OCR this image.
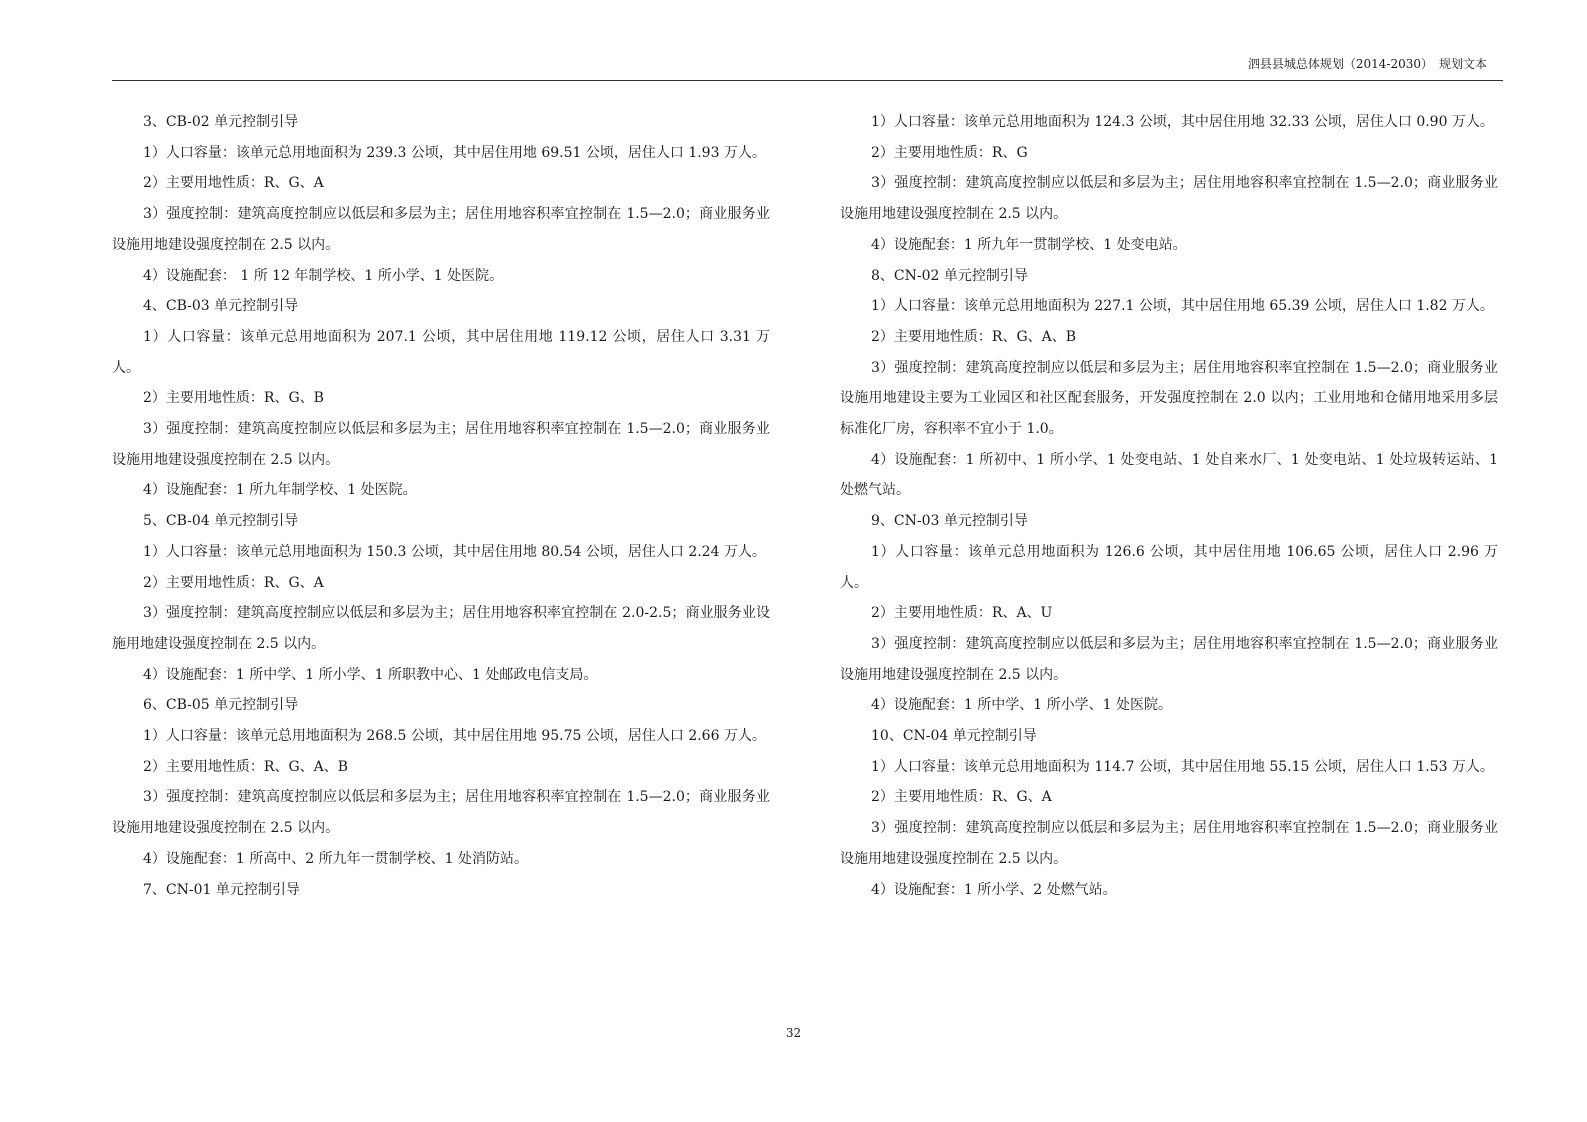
泗县县城总体规划（2014-2030）　规划文本

3、CB-02 单元控制引导

1）人口容量：该单元总用地面积为 239.3 公顷，其中居住用地 69.51 公顷，居住人口 1.93 万人。

2）主要用地性质：R、G、A

3）强度控制：建筑高度控制应以低层和多层为主；居住用地容积率宜控制在 1.5—2.0；商业服务业设施用地建设强度控制在 2.5 以内。

4）设施配套： 1 所 12 年制学校、1 所小学、1 处医院。

4、CB-03 单元控制引导

1）人口容量：该单元总用地面积为 207.1 公顷，其中居住用地 119.12 公顷，居住人口 3.31 万人。

2）主要用地性质：R、G、B

3）强度控制：建筑高度控制应以低层和多层为主；居住用地容积率宜控制在 1.5—2.0；商业服务业设施用地建设强度控制在 2.5 以内。

4）设施配套：1 所九年制学校、1 处医院。

5、CB-04 单元控制引导

1）人口容量：该单元总用地面积为 150.3 公顷，其中居住用地 80.54 公顷，居住人口 2.24 万人。

2）主要用地性质：R、G、A

3）强度控制：建筑高度控制应以低层和多层为主；居住用地容积率宜控制在 2.0-2.5；商业服务业设施用地建设强度控制在 2.5 以内。

4）设施配套：1 所中学、1 所小学、1 所职教中心、1 处邮政电信支局。

6、CB-05 单元控制引导

1）人口容量：该单元总用地面积为 268.5 公顷，其中居住用地 95.75 公顷，居住人口 2.66 万人。

2）主要用地性质：R、G、A、B

3）强度控制：建筑高度控制应以低层和多层为主；居住用地容积率宜控制在 1.5—2.0；商业服务业设施用地建设强度控制在 2.5 以内。

4）设施配套：1 所高中、2 所九年一贯制学校、1 处消防站。

7、CN-01 单元控制引导

1）人口容量：该单元总用地面积为 124.3 公顷，其中居住用地 32.33 公顷，居住人口 0.90 万人。

2）主要用地性质：R、G

3）强度控制：建筑高度控制应以低层和多层为主；居住用地容积率宜控制在 1.5—2.0；商业服务业设施用地建设强度控制在 2.5 以内。

4）设施配套：1 所九年一贯制学校、1 处变电站。

8、CN-02 单元控制引导

1）人口容量：该单元总用地面积为 227.1 公顷，其中居住用地 65.39 公顷，居住人口 1.82 万人。

2）主要用地性质：R、G、A、B

3）强度控制：建筑高度控制应以低层和多层为主；居住用地容积率宜控制在 1.5—2.0；商业服务业设施用地建设主要为工业园区和社区配套服务，开发强度控制在 2.0 以内；工业用地和仓储用地采用多层标准化厂房，容积率不宜小于 1.0。

4）设施配套：1 所初中、1 所小学、1 处变电站、1 处自来水厂、1 处变电站、1 处垃圾转运站、1 处燃气站。

9、CN-03 单元控制引导

1）人口容量：该单元总用地面积为 126.6 公顷，其中居住用地 106.65 公顷，居住人口 2.96 万人。

2）主要用地性质：R、A、U

3）强度控制：建筑高度控制应以低层和多层为主；居住用地容积率宜控制在 1.5—2.0；商业服务业设施用地建设强度控制在 2.5 以内。

4）设施配套：1 所中学、1 所小学、1 处医院。

10、CN-04 单元控制引导

1）人口容量：该单元总用地面积为 114.7 公顷，其中居住用地 55.15 公顷，居住人口 1.53 万人。

2）主要用地性质：R、G、A

3）强度控制：建筑高度控制应以低层和多层为主；居住用地容积率宜控制在 1.5—2.0；商业服务业设施用地建设强度控制在 2.5 以内。

4）设施配套：1 所小学、2 处燃气站。

32
